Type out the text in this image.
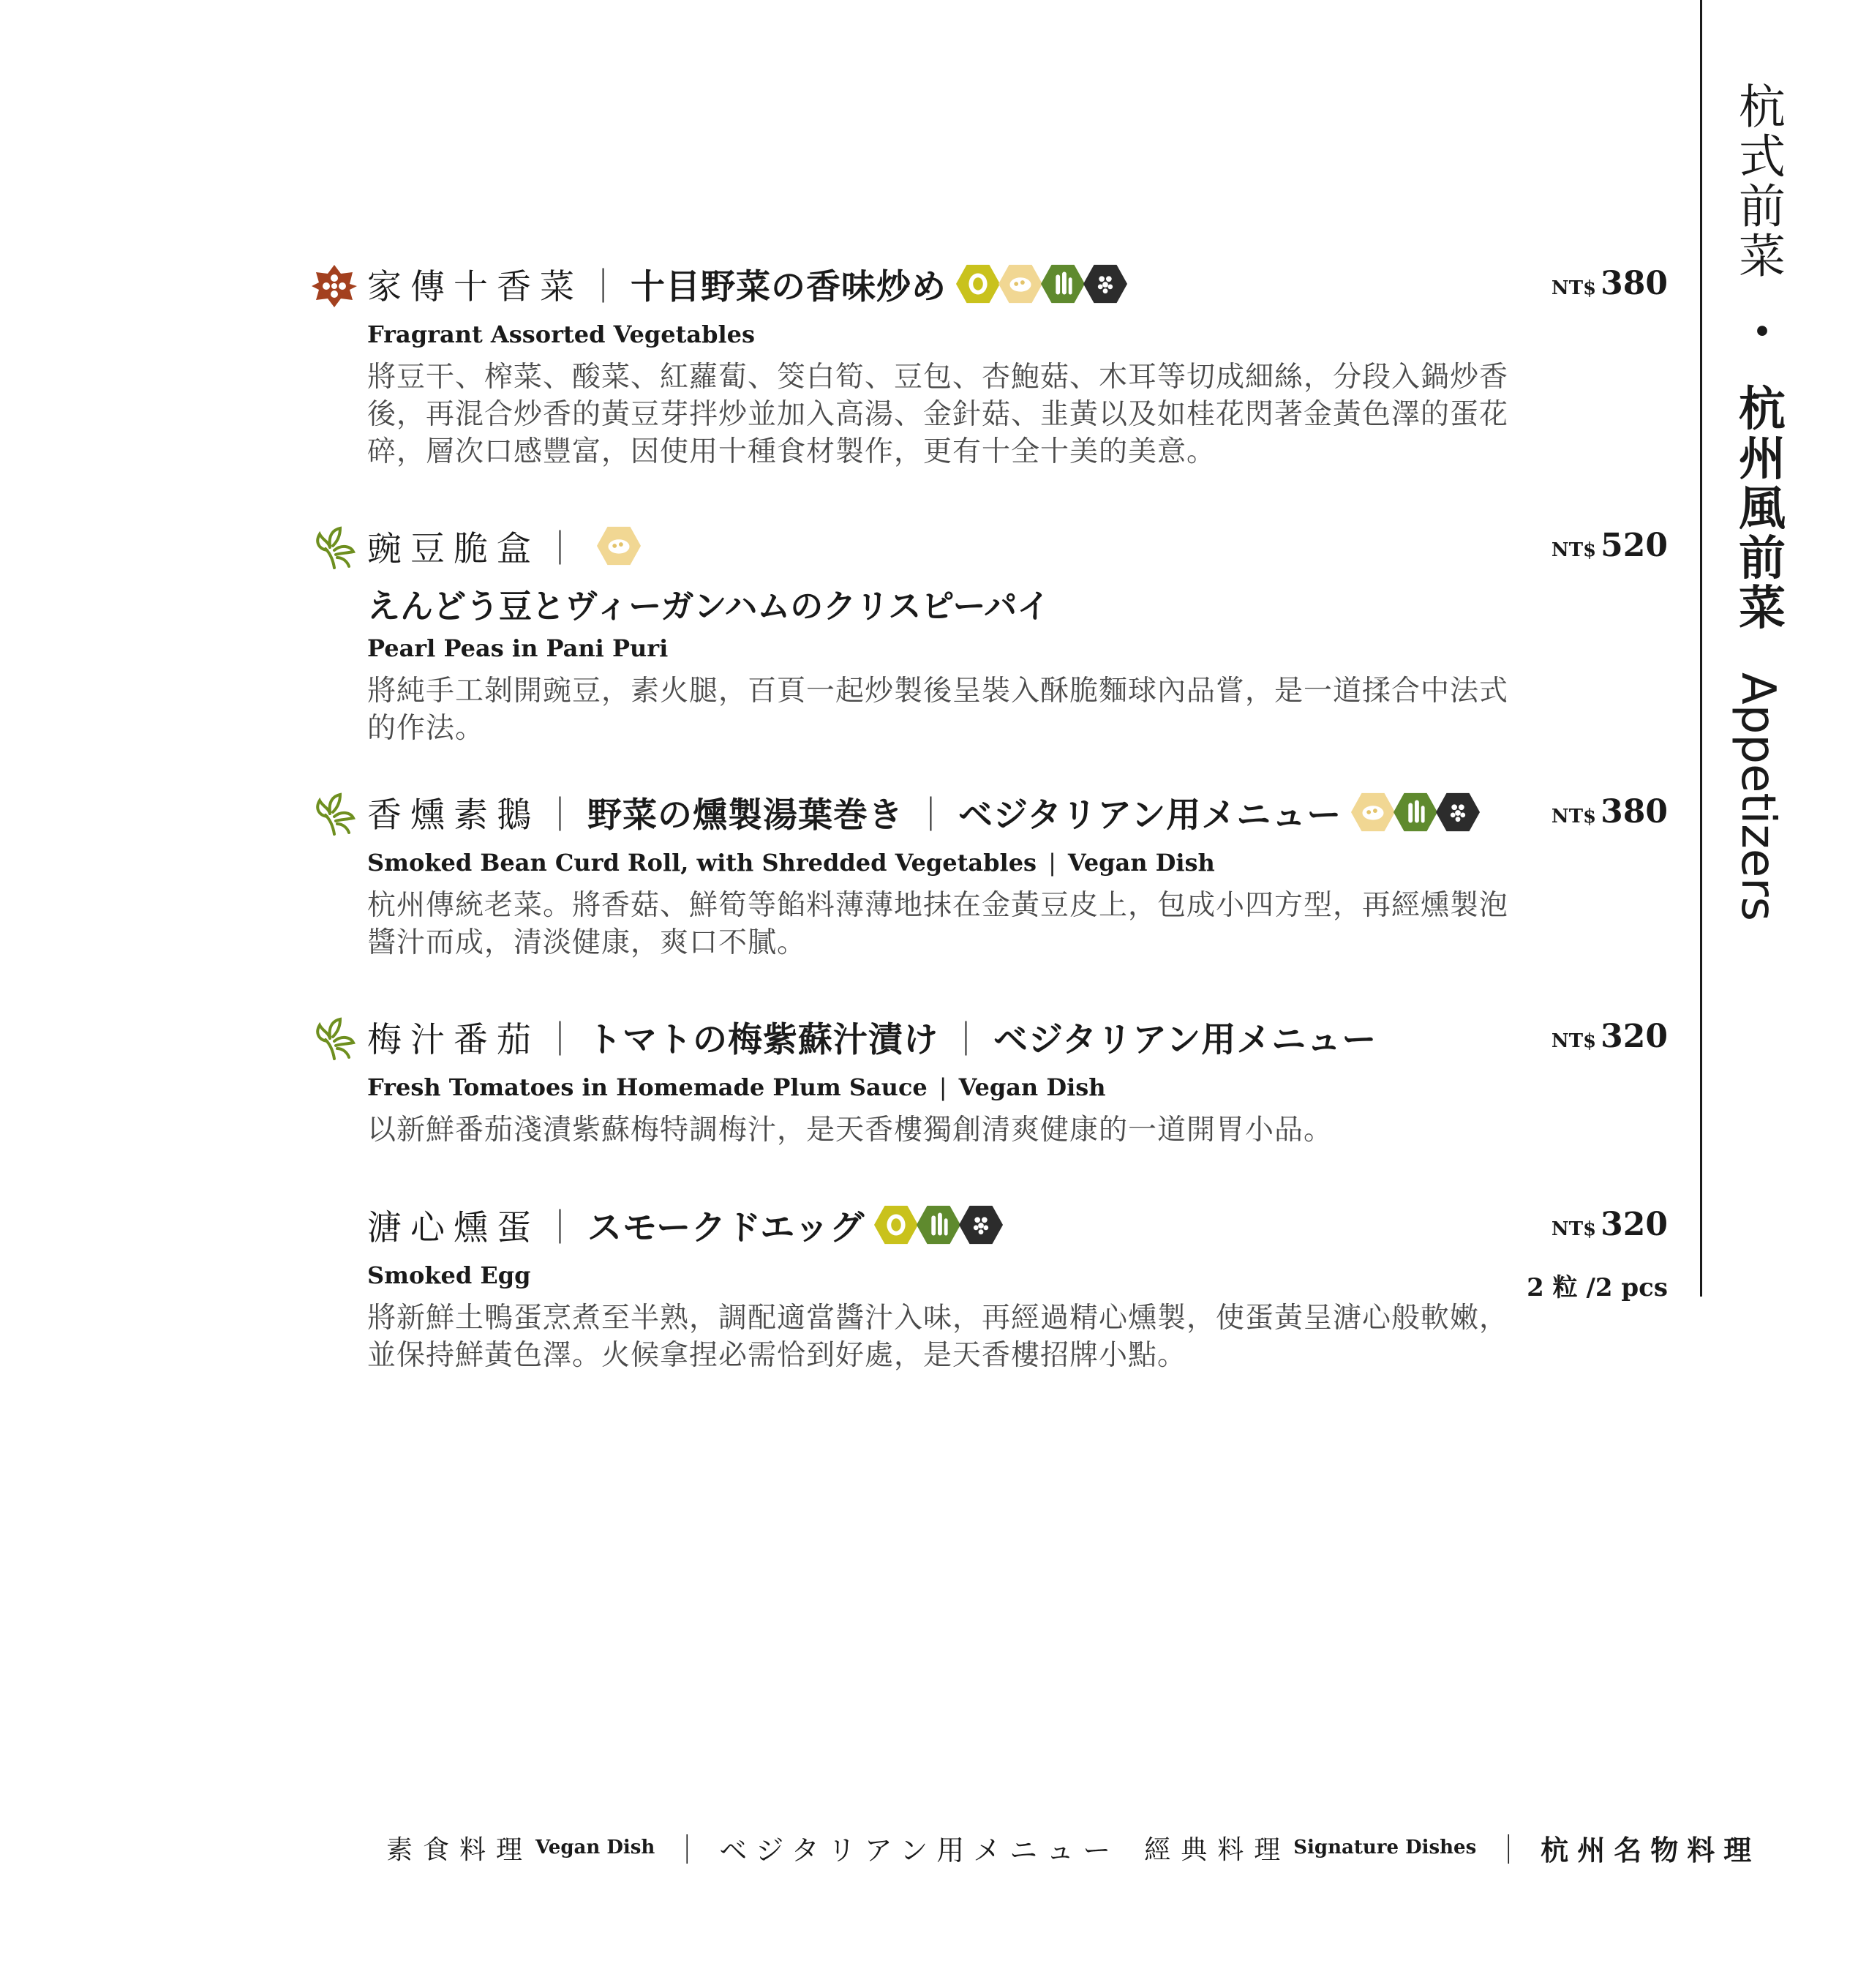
杭式前菜 ・ 杭州風前菜 Appetizers
家傳十香菜 ｜ 十目野菜の香味炒め	NT$ 380
Fragrant Assorted Vegetables
將豆干、榨菜、酸菜、紅蘿蔔、筊白筍、豆包、杏鮑菇、木耳等切成細絲，分段入鍋炒香後，再混合炒香的黃豆芽拌炒並加入高湯、金針菇、韭黃以及如桂花閃著金黃色澤的蛋花碎，層次口感豐富，因使用十種食材製作，更有十全十美的美意。
豌豆脆盒 ｜	NT$ 520
えんどう豆とヴィーガンハムのクリスピーパイ
Pearl Peas in Pani Puri
將純手工剝開豌豆，素火腿，百頁一起炒製後呈裝入酥脆麵球內品嘗，是一道揉合中法式的作法。
香燻素鵝 ｜ 野菜の燻製湯葉巻き ｜ ベジタリアン用メニュー	NT$ 380
Smoked Bean Curd Roll, with Shredded Vegetables | Vegan Dish
杭州傳統老菜。將香菇、鮮筍等餡料薄薄地抹在金黃豆皮上，包成小四方型，再經燻製泡醬汁而成，清淡健康，爽口不膩。
梅汁番茄 ｜ トマトの梅紫蘇汁漬け ｜ ベジタリアン用メニュー	NT$ 320
Fresh Tomatoes in Homemade Plum Sauce | Vegan Dish
以新鮮番茄淺漬紫蘇梅特調梅汁，是天香樓獨創清爽健康的一道開胃小品。
溏心燻蛋 ｜ スモークドエッグ	NT$ 320
2 粒 /2 pcs
Smoked Egg
將新鮮土鴨蛋烹煮至半熟，調配適當醬汁入味，再經過精心燻製，使蛋黃呈溏心般軟嫩，並保持鮮黃色澤。火候拿捏必需恰到好處，是天香樓招牌小點。
素食料理 Vegan Dish ｜ ベジタリアン用メニュー 經典料理 Signature Dishes ｜ 杭州名物料理
